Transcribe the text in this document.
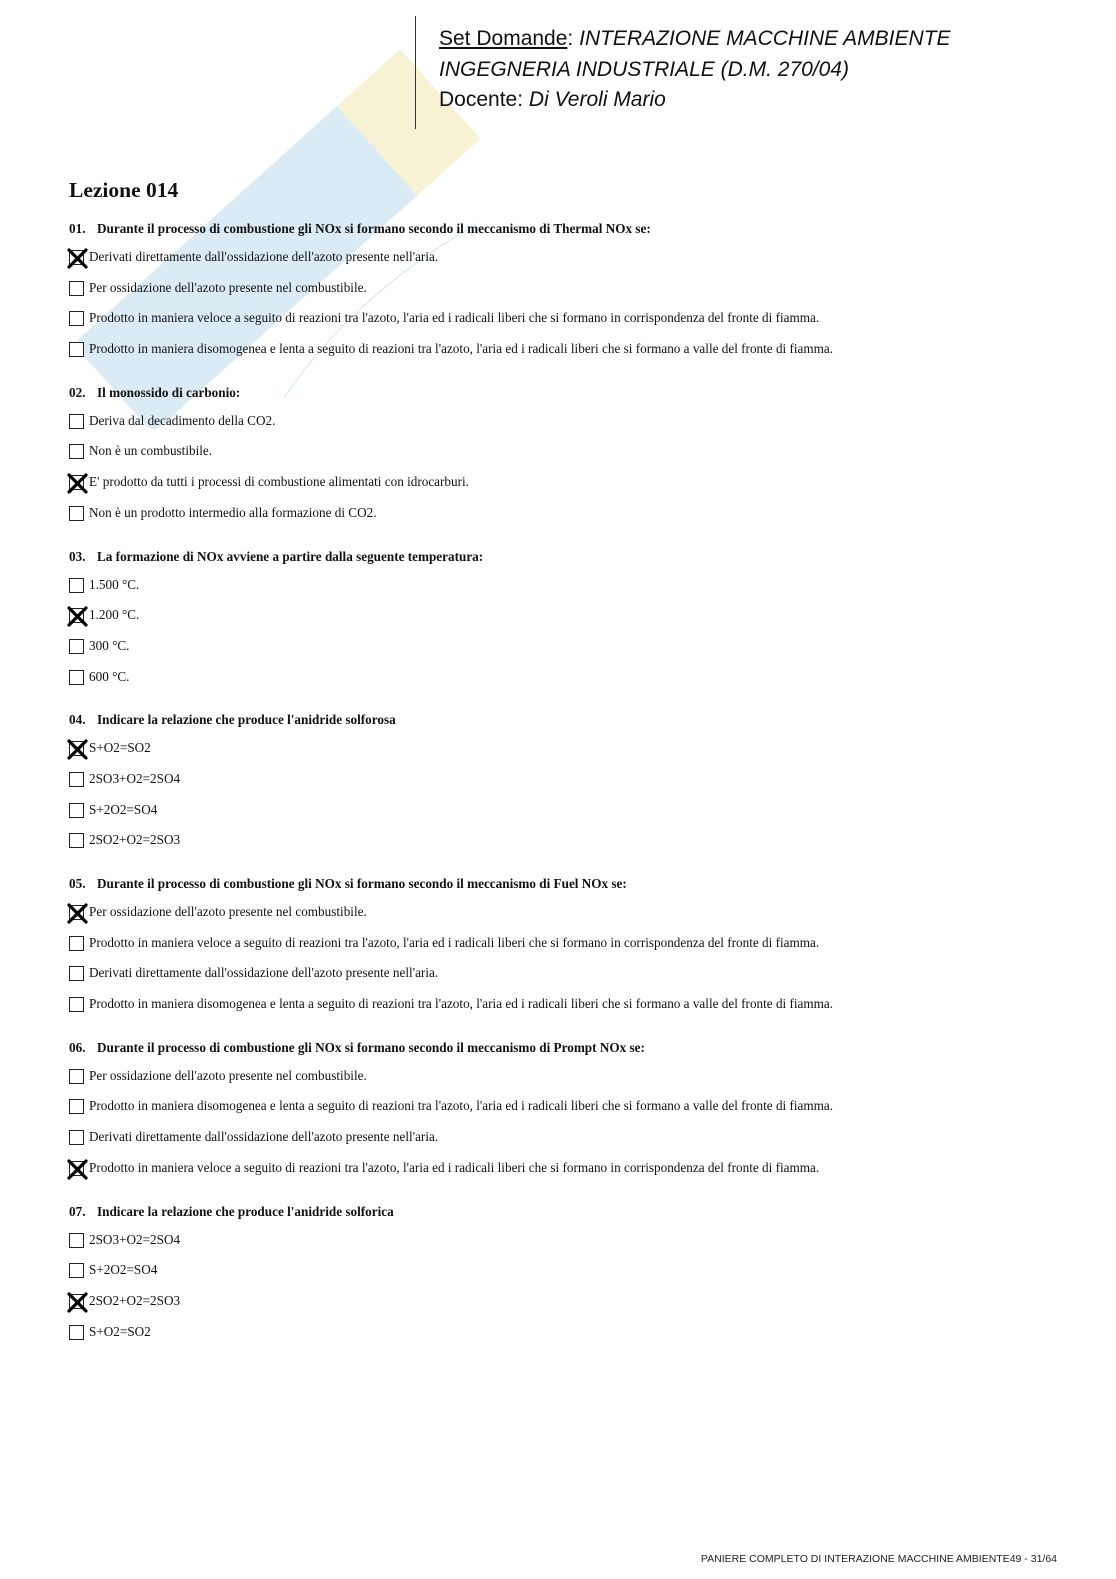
Set Domande: INTERAZIONE MACCHINE AMBIENTE
INGEGNERIA INDUSTRIALE (D.M. 270/04)
Docente: Di Veroli Mario
Lezione 014
01. Durante il processo di combustione gli NOx si formano secondo il meccanismo di Thermal NOx se:
Derivati direttamente dall'ossidazione dell'azoto presente nell'aria.
Per ossidazione dell'azoto presente nel combustibile.
Prodotto in maniera veloce a seguito di reazioni tra l'azoto, l'aria ed i radicali liberi che si formano in corrispondenza del fronte di fiamma.
Prodotto in maniera disomogenea e lenta a seguito di reazioni tra l'azoto, l'aria ed i radicali liberi che si formano a valle del fronte di fiamma.
02. Il monossido di carbonio:
Deriva dal decadimento della CO2.
Non è un combustibile.
E' prodotto da tutti i processi di combustione alimentati con idrocarburi.
Non è un prodotto intermedio alla formazione di CO2.
03. La formazione di NOx avviene a partire dalla seguente temperatura:
1.500 °C.
1.200 °C.
300 °C.
600 °C.
04. Indicare la relazione che produce l'anidride solforosa
S+O2=SO2
2SO3+O2=2SO4
S+2O2=SO4
2SO2+O2=2SO3
05. Durante il processo di combustione gli NOx si formano secondo il meccanismo di Fuel NOx se:
Per ossidazione dell'azoto presente nel combustibile.
Prodotto in maniera veloce a seguito di reazioni tra l'azoto, l'aria ed i radicali liberi che si formano in corrispondenza del fronte di fiamma.
Derivati direttamente dall'ossidazione dell'azoto presente nell'aria.
Prodotto in maniera disomogenea e lenta a seguito di reazioni tra l'azoto, l'aria ed i radicali liberi che si formano a valle del fronte di fiamma.
06. Durante il processo di combustione gli NOx si formano secondo il meccanismo di Prompt NOx se:
Per ossidazione dell'azoto presente nel combustibile.
Prodotto in maniera disomogenea e lenta a seguito di reazioni tra l'azoto, l'aria ed i radicali liberi che si formano a valle del fronte di fiamma.
Derivati direttamente dall'ossidazione dell'azoto presente nell'aria.
Prodotto in maniera veloce a seguito di reazioni tra l'azoto, l'aria ed i radicali liberi che si formano in corrispondenza del fronte di fiamma.
07. Indicare la relazione che produce l'anidride solforica
2SO3+O2=2SO4
S+2O2=SO4
2SO2+O2=2SO3
S+O2=SO2
PANIERE COMPLETO DI INTERAZIONE MACCHINE AMBIENTE49 - 31/64
